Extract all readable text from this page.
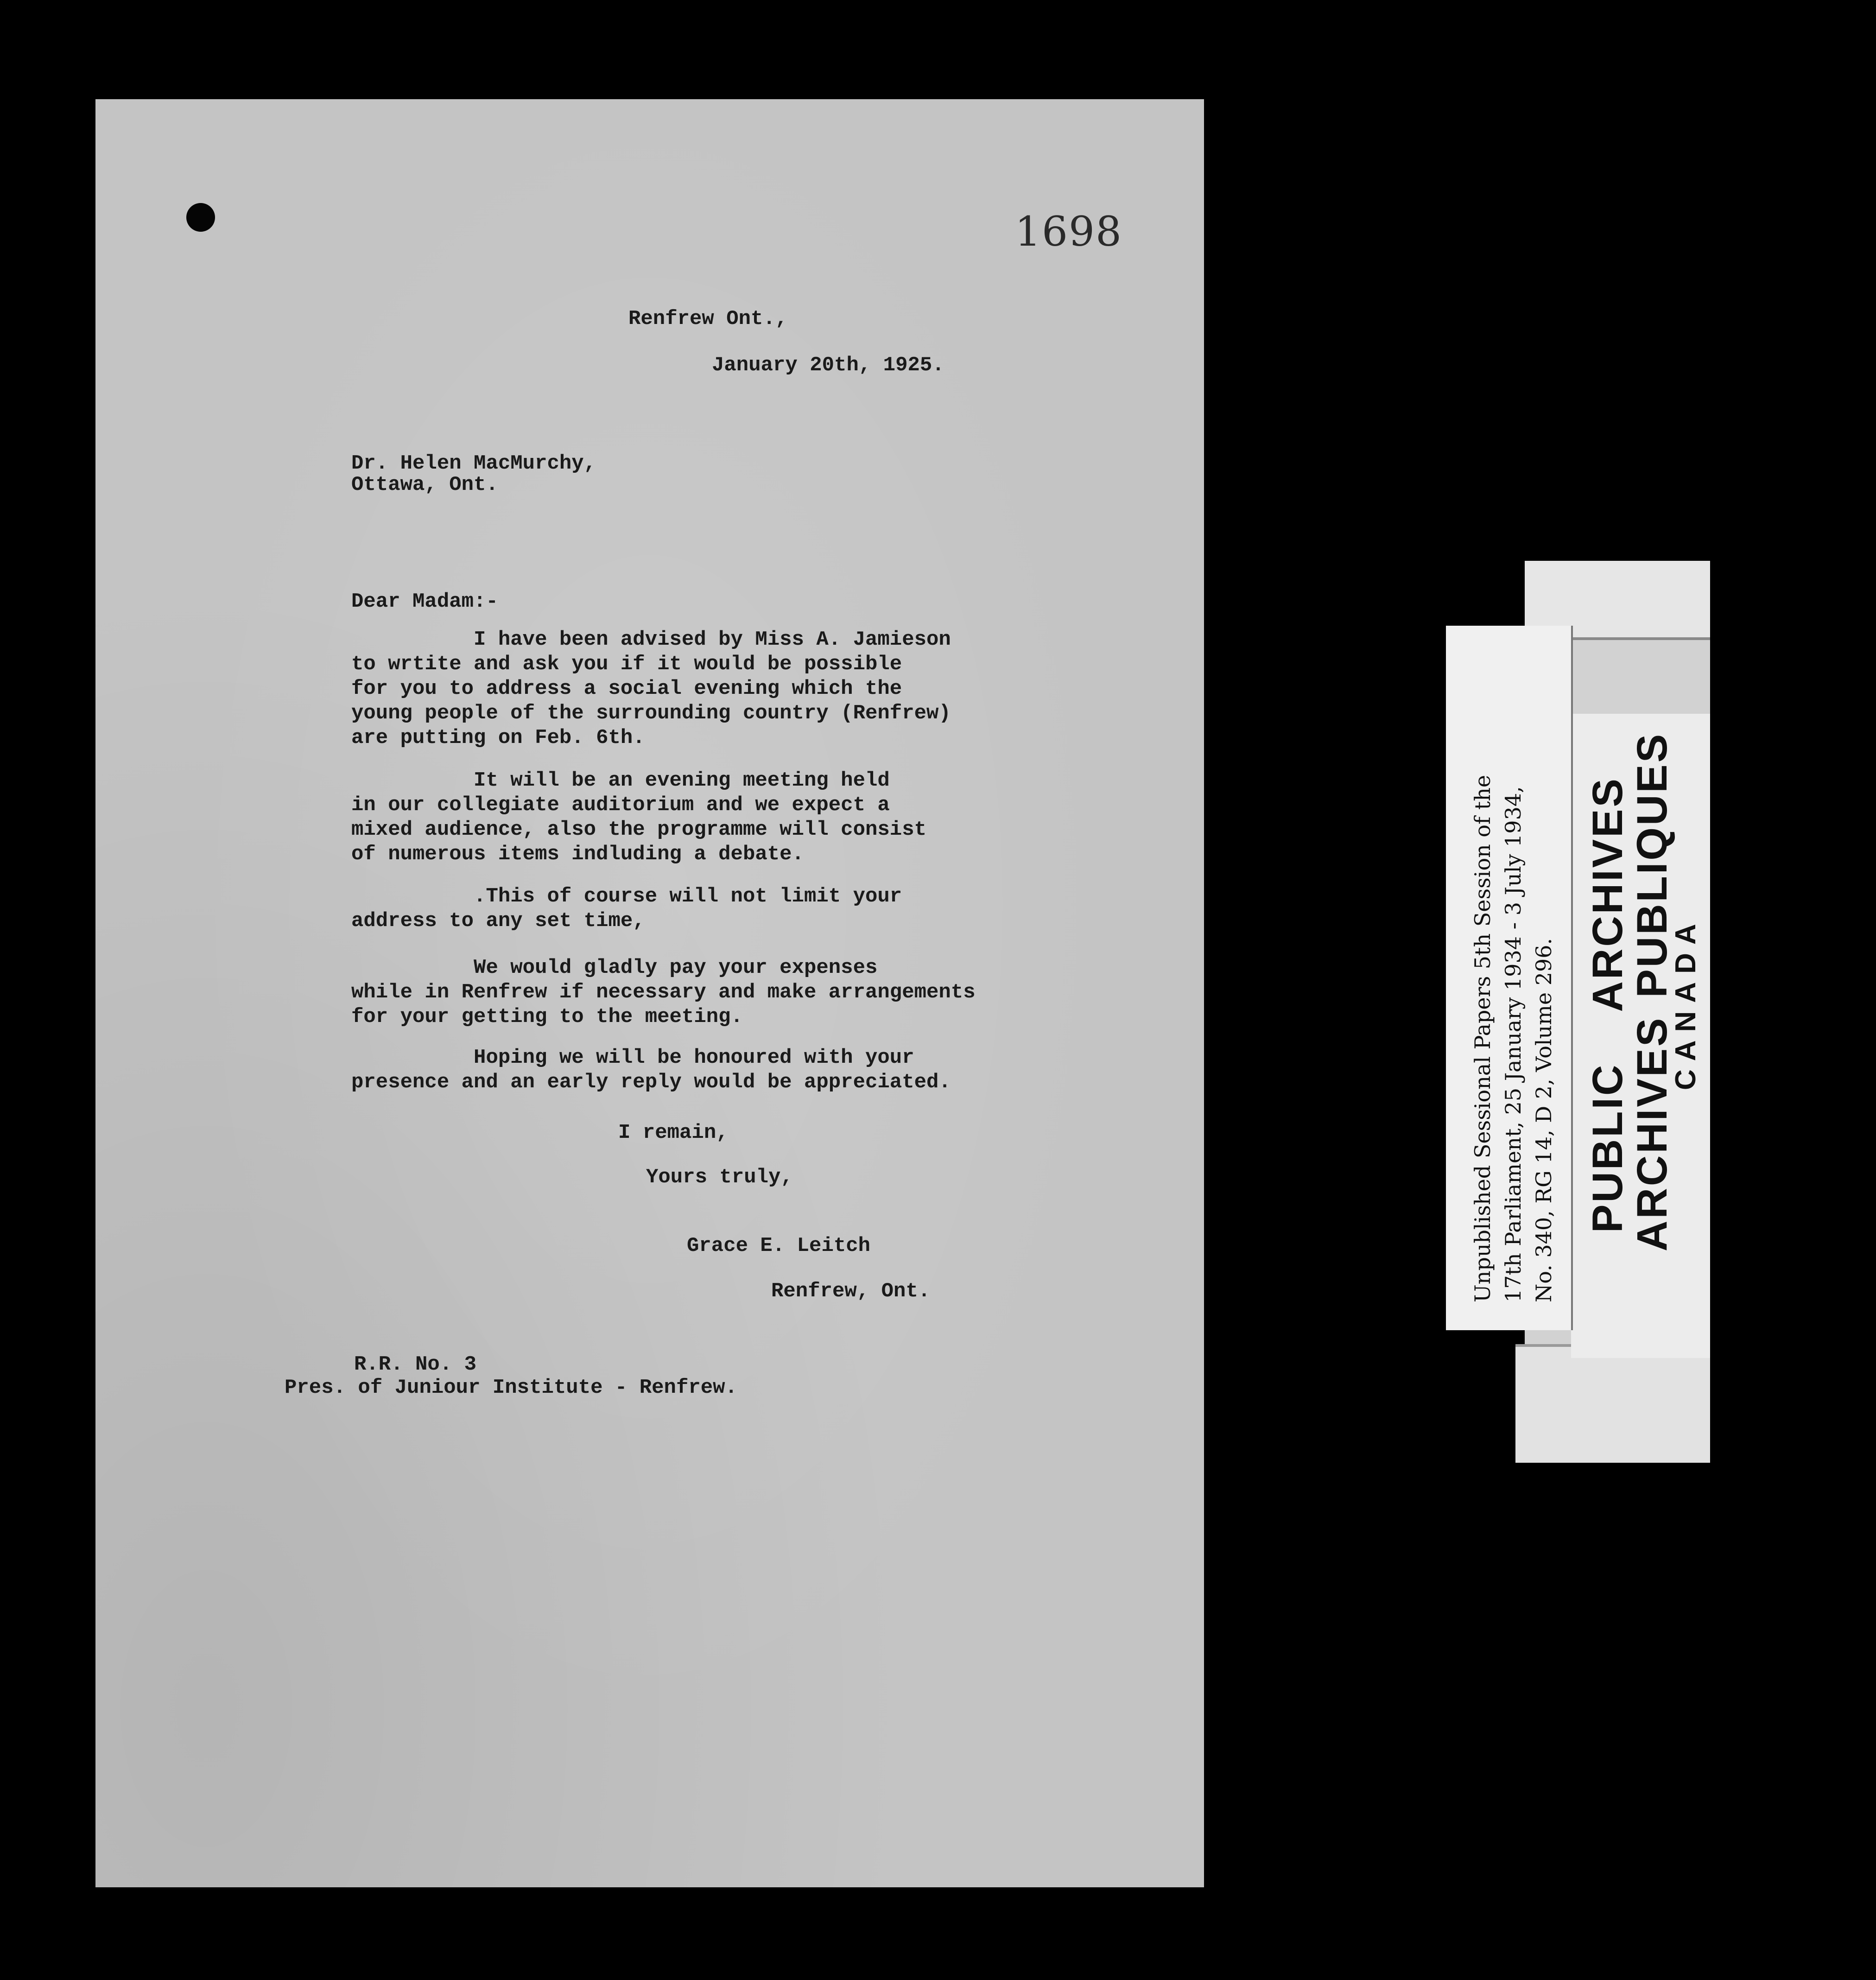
1698
Renfrew Ont.,
January 20th, 1925.
Dr. Helen MacMurchy,
Ottawa, Ont.
Dear Madam:-
I have been advised by Miss A. Jamieson
to wrtite and ask you if it would be possible
for you to address a social evening which the
young people of the surrounding country (Renfrew)
are putting on Feb. 6th.
It will be an evening meeting held
in our collegiate auditorium and we expect a
mixed audience, also the programme will consist
of numerous items indluding a debate.
.This of course will not limit your
address to any set time,
We would gladly pay your expenses
while in Renfrew if necessary and make arrangements
for your getting to the meeting.
Hoping we will be honoured with your
presence and an early reply would be appreciated.
I remain,
Yours truly,
Grace E. Leitch
Renfrew, Ont.
R.R. No. 3
Pres. of Juniour Institute - Renfrew.
Unpublished Sessional Papers 5th Session of the 17th Parliament, 25 January 1934 - 3 July 1934, No. 340, RG 14, D 2, Volume 296. PUBLICARCHIVES
ARCHIVESPUBLIQUES
CANADA
